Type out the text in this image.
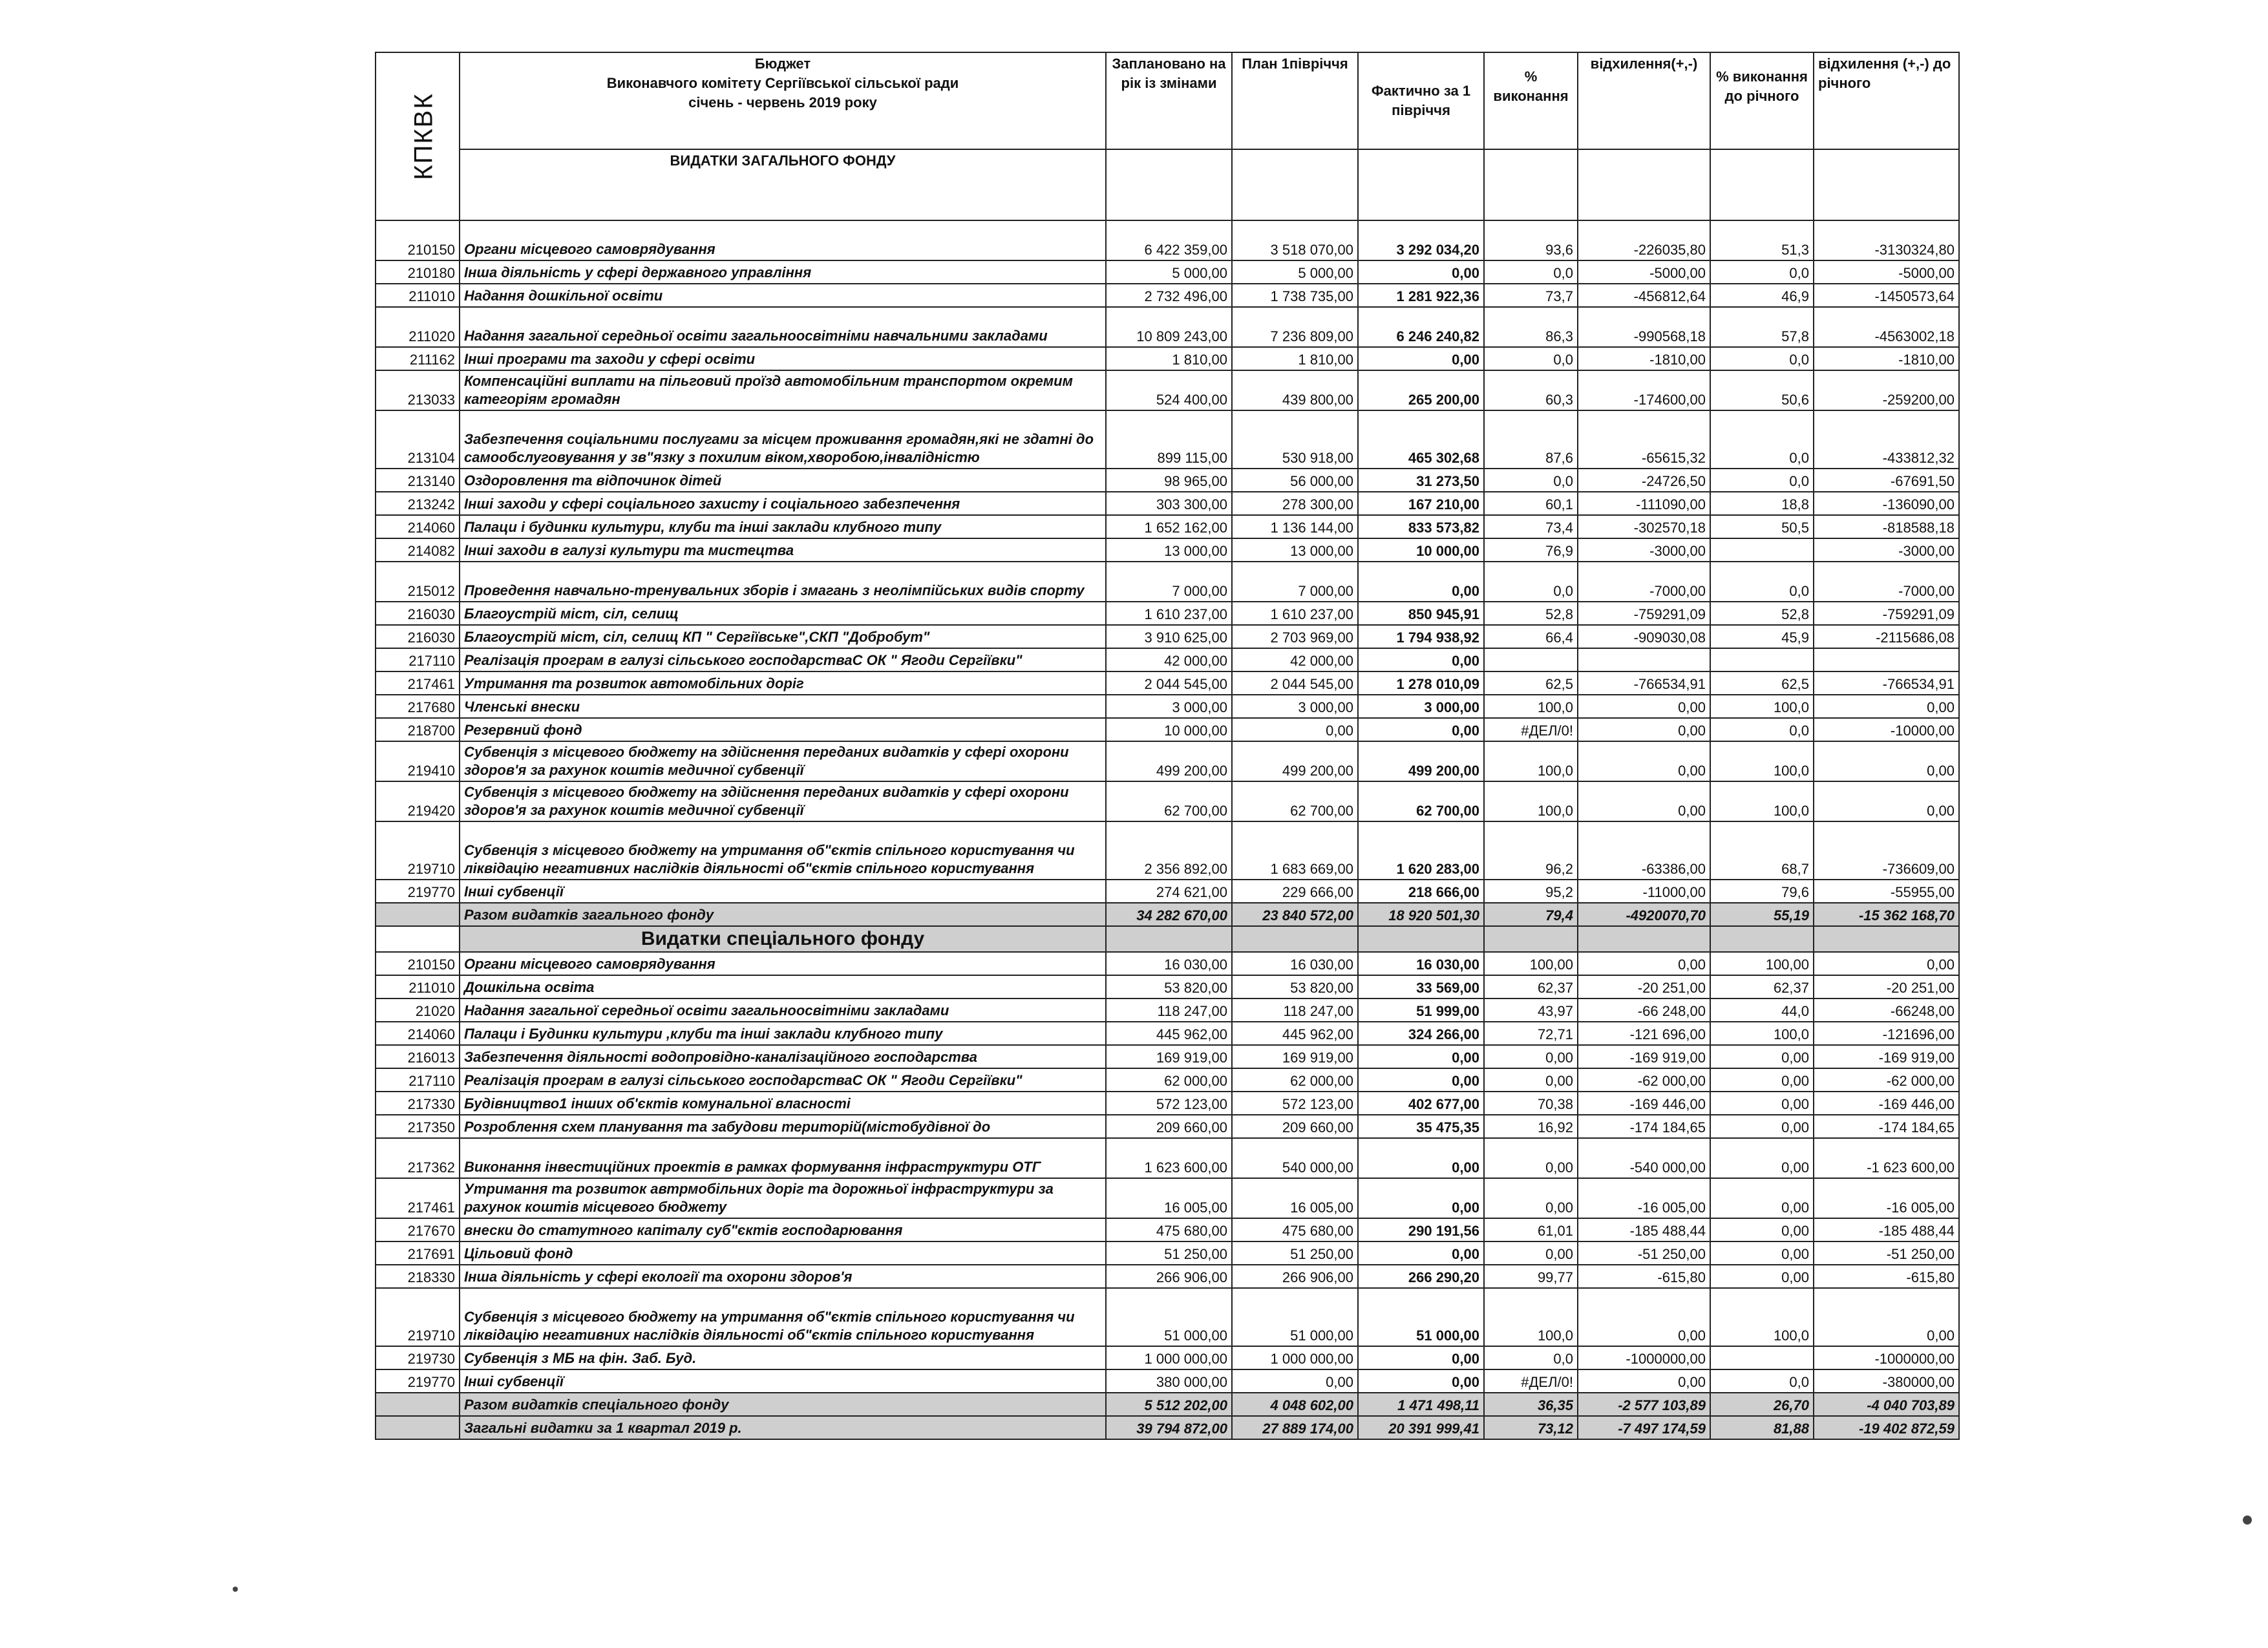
КПКВК	Бюджет
Виконавчого комітету Сергіївської сільської ради
січень - червень 2019 року	Заплановано на рік із змінами	План 1півріччя	Фактично за 1 півріччя	% виконання	відхилення(+,-)	% виконання до річного	відхилення (+,-) до річного

	ВИДАТКИ ЗАГАЛЬНОГО ФОНДУ							

210150	Органи місцевого самоврядування	6 422 359,00	3 518 070,00	3 292 034,20	93,6	-226035,80	51,3	-3130324,80
210180	Інша діяльність у сфері державного управління	5 000,00	5 000,00	0,00	0,0	-5000,00	0,0	-5000,00
211010	Надання дошкільної освіти	2 732 496,00	1 738 735,00	1 281 922,36	73,7	-456812,64	46,9	-1450573,64
211020	Надання загальної середньої освіти загальноосвітніми навчальними закладами	10 809 243,00	7 236 809,00	6 246 240,82	86,3	-990568,18	57,8	-4563002,18
211162	Інші програми та заходи у сфері освіти	1 810,00	1 810,00	0,00	0,0	-1810,00	0,0	-1810,00
213033	Компенсаційні виплати на пільговий проїзд автомобільним транспортом окремим категоріям громадян	524 400,00	439 800,00	265 200,00	60,3	-174600,00	50,6	-259200,00
213104	Забезпечення соціальними послугами за місцем проживання громадян,які не здатні до самообслуговування у зв"язку з похилим віком,хворобою,інвалідністю	899 115,00	530 918,00	465 302,68	87,6	-65615,32	0,0	-433812,32
213140	Оздоровлення та відпочинок дітей	98 965,00	56 000,00	31 273,50	0,0	-24726,50	0,0	-67691,50
213242	Інші заходи у сфері соціального захисту і соціального забезпечення	303 300,00	278 300,00	167 210,00	60,1	-111090,00	18,8	-136090,00
214060	Палаци і будинки культури, клуби та інші заклади клубного типу	1 652 162,00	1 136 144,00	833 573,82	73,4	-302570,18	50,5	-818588,18
214082	Інші заходи в галузі культури та мистецтва	13 000,00	13 000,00	10 000,00	76,9	-3000,00		-3000,00
215012	Проведення навчально-тренувальних зборів і змагань з неолімпійських видів спорту	7 000,00	7 000,00	0,00	0,0	-7000,00	0,0	-7000,00
216030	Благоустрій міст, сіл, селищ	1 610 237,00	1 610 237,00	850 945,91	52,8	-759291,09	52,8	-759291,09
216030	Благоустрій міст, сіл, селищ КП " Сергіївське",СКП "Добробут"	3 910 625,00	2 703 969,00	1 794 938,92	66,4	-909030,08	45,9	-2115686,08
217110	Реалізація програм в галузі сільського господарстваС ОК " Ягоди Сергіївки"	42 000,00	42 000,00	0,00				
217461	Утримання та розвиток автомобільних доріг	2 044 545,00	2 044 545,00	1 278 010,09	62,5	-766534,91	62,5	-766534,91
217680	Членські внески	3 000,00	3 000,00	3 000,00	100,0	0,00	100,0	0,00
218700	Резервний фонд	10 000,00	0,00	0,00	#ДЕЛ/0!	0,00	0,0	-10000,00
219410	Субвенція з місцевого бюджету на здійснення переданих видатків у сфері охорони здоров'я за рахунок коштів медичної субвенції	499 200,00	499 200,00	499 200,00	100,0	0,00	100,0	0,00
219420	Субвенція з місцевого бюджету на здійснення переданих видатків у сфері охорони здоров'я за рахунок коштів медичної субвенції	62 700,00	62 700,00	62 700,00	100,0	0,00	100,0	0,00
219710	Субвенція з місцевого бюджету на утримання об"єктів спільного користування чи ліквідацію негативних наслідків діяльності об"єктів спільного користування	2 356 892,00	1 683 669,00	1 620 283,00	96,2	-63386,00	68,7	-736609,00
219770	Інші субвенції	274 621,00	229 666,00	218 666,00	95,2	-11000,00	79,6	-55955,00
	Разом видатків загального фонду	34 282 670,00	23 840 572,00	18 920 501,30	79,4	-4920070,70	55,19	-15 362 168,70
	Видатки спеціального фонду							
210150	Органи місцевого самоврядування	16 030,00	16 030,00	16 030,00	100,00	0,00	100,00	0,00
211010	Дошкільна освіта	53 820,00	53 820,00	33 569,00	62,37	-20 251,00	62,37	-20 251,00
21020	Надання загальної середньої освіти загальноосвітніми закладами	118 247,00	118 247,00	51 999,00	43,97	-66 248,00	44,0	-66248,00
214060	Палаци і Будинки культури ,клуби та інші заклади клубного типу	445 962,00	445 962,00	324 266,00	72,71	-121 696,00	100,0	-121696,00
216013	Забезпечення діяльності водопровідно-каналізаційного господарства	169 919,00	169 919,00	0,00	0,00	-169 919,00	0,00	-169 919,00
217110	Реалізація програм в галузі сільського господарстваС ОК " Ягоди Сергіївки"	62 000,00	62 000,00	0,00	0,00	-62 000,00	0,00	-62 000,00
217330	Будівництво1 інших об'єктів комунальної власності	572 123,00	572 123,00	402 677,00	70,38	-169 446,00	0,00	-169 446,00
217350	Розроблення схем планування та забудови територій(містобудівної до	209 660,00	209 660,00	35 475,35	16,92	-174 184,65	0,00	-174 184,65
217362	Виконання інвестиційних проектів в рамках формування інфраструктури ОТГ	1 623 600,00	540 000,00	0,00	0,00	-540 000,00	0,00	-1 623 600,00
217461	Утримання та розвиток автрмобільних доріг та дорожньої інфраструктури за рахунок коштів місцевого бюджету	16 005,00	16 005,00	0,00	0,00	-16 005,00	0,00	-16 005,00
217670	внески до статутного капіталу суб"єктів господарювання	475 680,00	475 680,00	290 191,56	61,01	-185 488,44	0,00	-185 488,44
217691	Цільовий фонд	51 250,00	51 250,00	0,00	0,00	-51 250,00	0,00	-51 250,00
218330	Інша діяльність у сфері екології та охорони здоров'я	266 906,00	266 906,00	266 290,20	99,77	-615,80	0,00	-615,80
219710	Субвенція з місцевого бюджету на утримання об"єктів спільного користування чи ліквідацію негативних наслідків діяльності об"єктів спільного користування	51 000,00	51 000,00	51 000,00	100,0	0,00	100,0	0,00
219730	Субвенція з МБ на фін. Заб. Буд.	1 000 000,00	1 000 000,00	0,00	0,0	-1000000,00		-1000000,00
219770	Інші субвенції	380 000,00	0,00	0,00	#ДЕЛ/0!	0,00	0,0	-380000,00
	Разом видатків спеціального фонду	5 512 202,00	4 048 602,00	1 471 498,11	36,35	-2 577 103,89	26,70	-4 040 703,89
	Загальні видатки за 1 квартал 2019 р.	39 794 872,00	27 889 174,00	20 391 999,41	73,12	-7 497 174,59	81,88	-19 402 872,59
